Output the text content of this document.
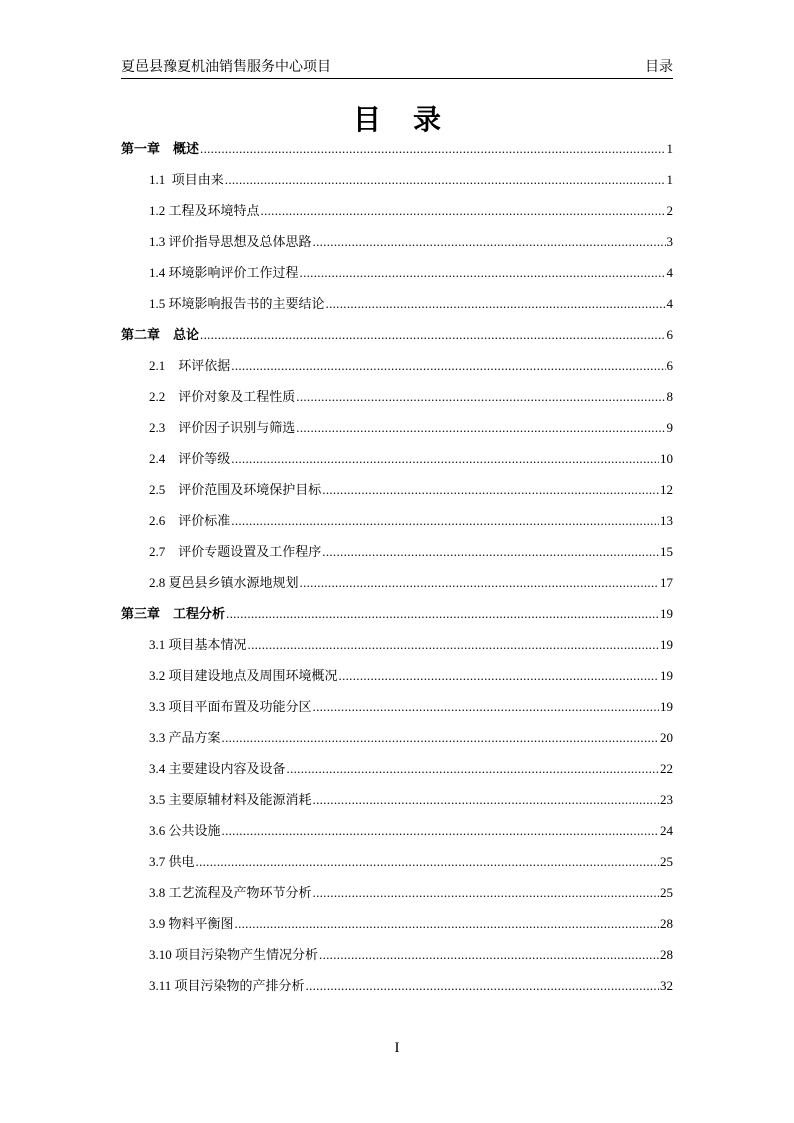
夏邑县豫夏机油销售服务中心项目	目录
目 录
第一章　概述 .....	1
1.1  项目由来 .....	1
1.2 工程及环境特点 .....	2
1.3 评价指导思想及总体思路 .....	3
1.4 环境影响评价工作过程 .....	4
1.5 环境影响报告书的主要结论 .....	4
第二章　总论 .....	6
2.1    环评依据 .....	6
2.2    评价对象及工程性质 .....	8
2.3    评价因子识别与筛选 .....	9
2.4    评价等级 .....	10
2.5    评价范围及环境保护目标 .....	12
2.6    评价标准 .....	13
2.7    评价专题设置及工作程序 .....	15
2.8 夏邑县乡镇水源地规划 .....	17
第三章　工程分析 .....	19
3.1 项目基本情况 .....	19
3.2 项目建设地点及周围环境概况 .....	19
3.3 项目平面布置及功能分区 .....	19
3.3 产品方案 .....	20
3.4 主要建设内容及设备 .....	22
3.5 主要原辅材料及能源消耗 .....	23
3.6 公共设施 .....	24
3.7 供电 .....	25
3.8 工艺流程及产物环节分析 .....	25
3.9 物料平衡图 .....	28
3.10 项目污染物产生情况分析 .....	28
3.11 项目污染物的产排分析 .....	32
I
